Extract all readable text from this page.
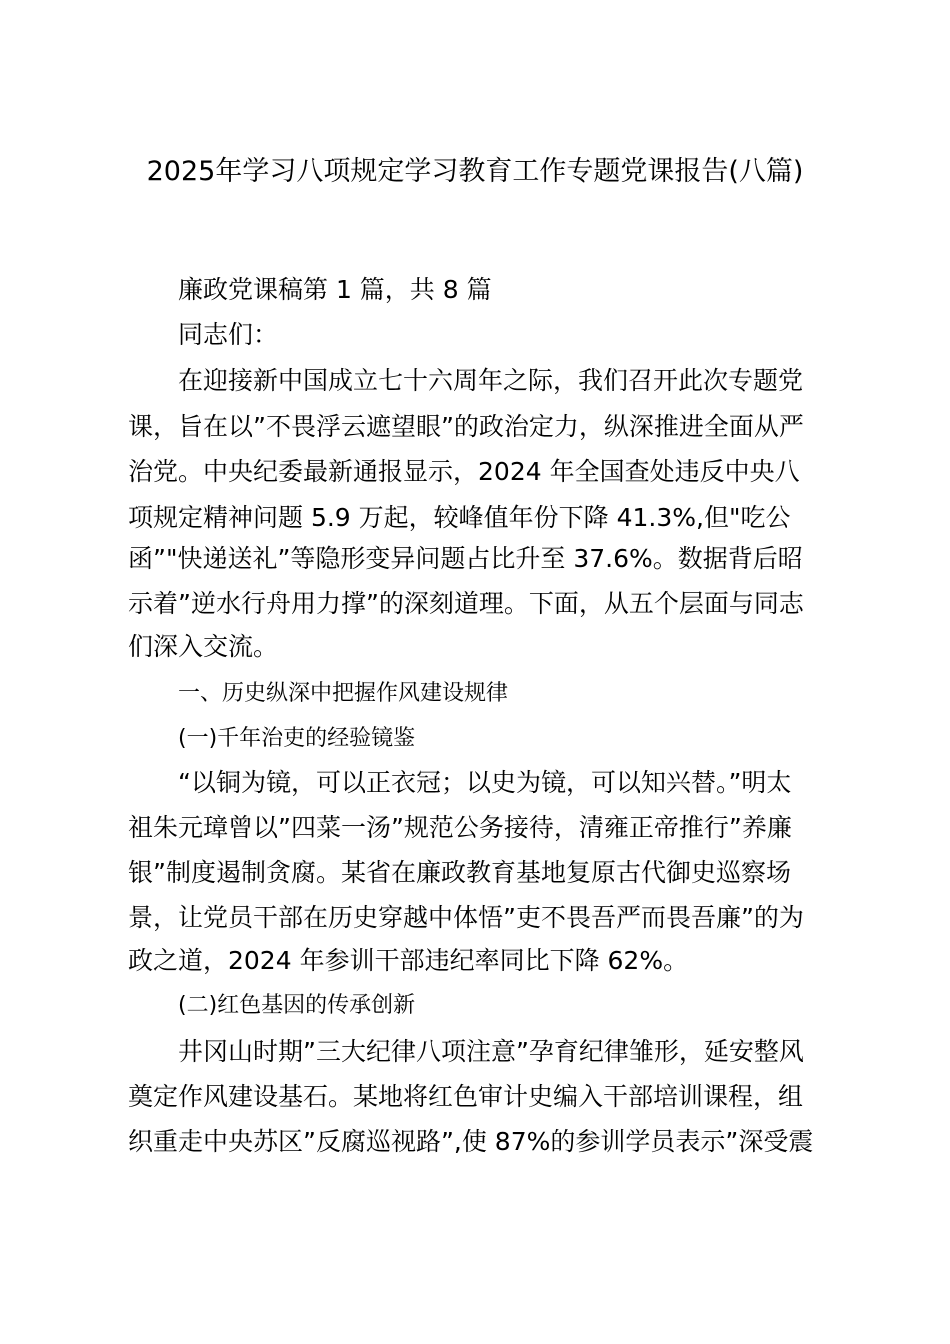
2025年学习八项规定学习教育工作专题党课报告(八篇)
廉政党课稿第 1 篇，共 8 篇
同志们：
在迎接新中国成立七十六周年之际，我们召开此次专题党
课，旨在以”不畏浮云遮望眼”的政治定力，纵深推进全面从严
治党。中央纪委最新通报显示，2024 年全国查处违反中央八
项规定精神问题 5.9 万起，较峰值年份下降 41.3%,但"吃公
函”"快递送礼”等隐形变异问题占比升至 37.6%。数据背后昭
示着”逆水行舟用力撑”的深刻道理。下面，从五个层面与同志
们深入交流。
一、历史纵深中把握作风建设规律
(一)千年治吏的经验镜鉴
“以铜为镜，可以正衣冠；以史为镜，可以知兴替。”明太
祖朱元璋曾以”四菜一汤”规范公务接待，清雍正帝推行”养廉
银”制度遏制贪腐。某省在廉政教育基地复原古代御史巡察场
景，让党员干部在历史穿越中体悟”吏不畏吾严而畏吾廉”的为
政之道，2024 年参训干部违纪率同比下降 62%。
(二)红色基因的传承创新
井冈山时期”三大纪律八项注意”孕育纪律雏形，延安整风
奠定作风建设基石。某地将红色审计史编入干部培训课程，组
织重走中央苏区”反腐巡视路”,使 87%的参训学员表示”深受震
